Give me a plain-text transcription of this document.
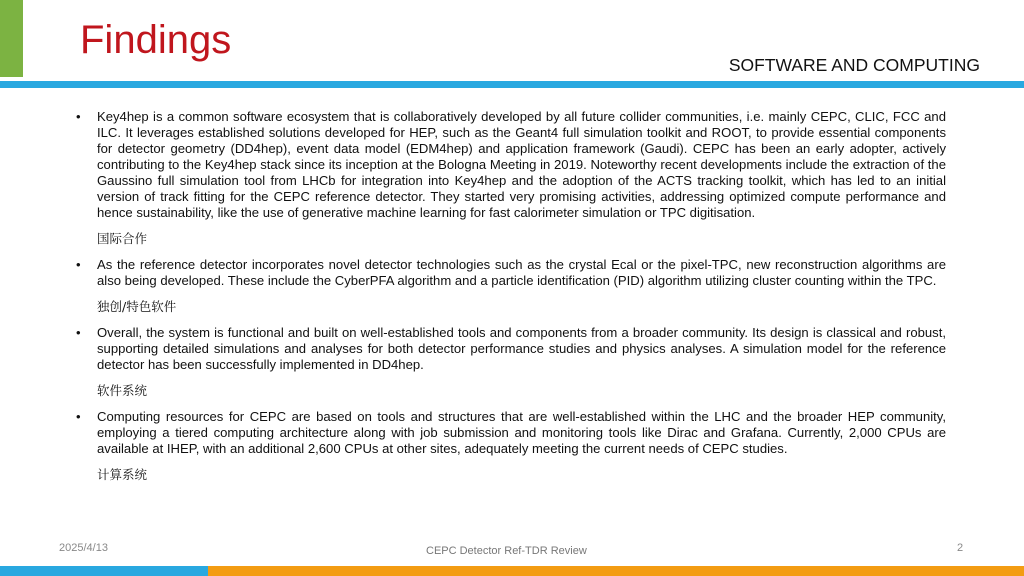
Findings
SOFTWARE AND COMPUTING
• Key4hep is a common software ecosystem that is collaboratively developed by all future collider communities, i.e. mainly CEPC, CLIC, FCC and ILC. It leverages established solutions developed for HEP, such as the Geant4 full simulation toolkit and ROOT, to provide essential components for detector geometry (DD4hep), event data model (EDM4hep) and application framework (Gaudi). CEPC has been an early adopter, actively contributing to the Key4hep stack since its inception at the Bologna Meeting in 2019. Noteworthy recent developments include the extraction of the Gaussino full simulation tool from LHCb for integration into Key4hep and the adoption of the ACTS tracking toolkit, which has led to an initial version of track fitting for the CEPC reference detector. They started very promising activities, addressing optimized compute performance and hence sustainability, like the use of generative machine learning for fast calorimeter simulation or TPC digitisation.
国际合作
• As the reference detector incorporates novel detector technologies such as the crystal Ecal or the pixel-TPC, new reconstruction algorithms are also being developed. These include the CyberPFA algorithm and a particle identification (PID) algorithm utilizing cluster counting within the TPC.
独创/特色软件
• Overall, the system is functional and built on well-established tools and components from a broader community. Its design is classical and robust, supporting detailed simulations and analyses for both detector performance studies and physics analyses. A simulation model for the reference detector has been successfully implemented in DD4hep.
软件系统
• Computing resources for CEPC are based on tools and structures that are well-established within the LHC and the broader HEP community, employing a tiered computing architecture along with job submission and monitoring tools like Dirac and Grafana. Currently, 2,000 CPUs are available at IHEP, with an additional 2,600 CPUs at other sites, adequately meeting the current needs of CEPC studies.
计算系统
2025/4/13	CEPC Detector Ref-TDR Review	2
